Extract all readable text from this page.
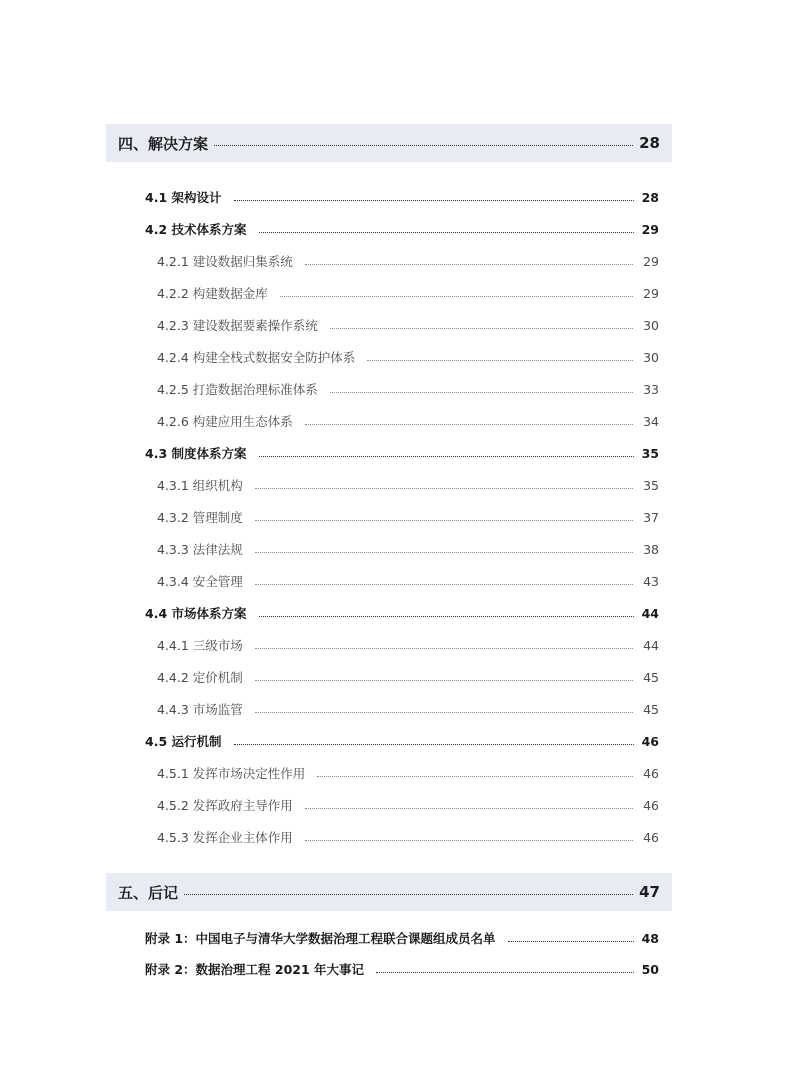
四、解决方案	28
4.1 架构设计	28
4.2 技术体系方案	29
4.2.1 建设数据归集系统	29
4.2.2 构建数据金库	29
4.2.3 建设数据要素操作系统	30
4.2.4 构建全栈式数据安全防护体系	30
4.2.5 打造数据治理标准体系	33
4.2.6 构建应用生态体系	34
4.3 制度体系方案	35
4.3.1 组织机构	35
4.3.2 管理制度	37
4.3.3 法律法规	38
4.3.4 安全管理	43
4.4 市场体系方案	44
4.4.1 三级市场	44
4.4.2 定价机制	45
4.4.3 市场监管	45
4.5 运行机制	46
4.5.1 发挥市场决定性作用	46
4.5.2 发挥政府主导作用	46
4.5.3 发挥企业主体作用	46
五、后记	47
附录 1：中国电子与清华大学数据治理工程联合课题组成员名单	48
附录 2：数据治理工程 2021 年大事记	50
